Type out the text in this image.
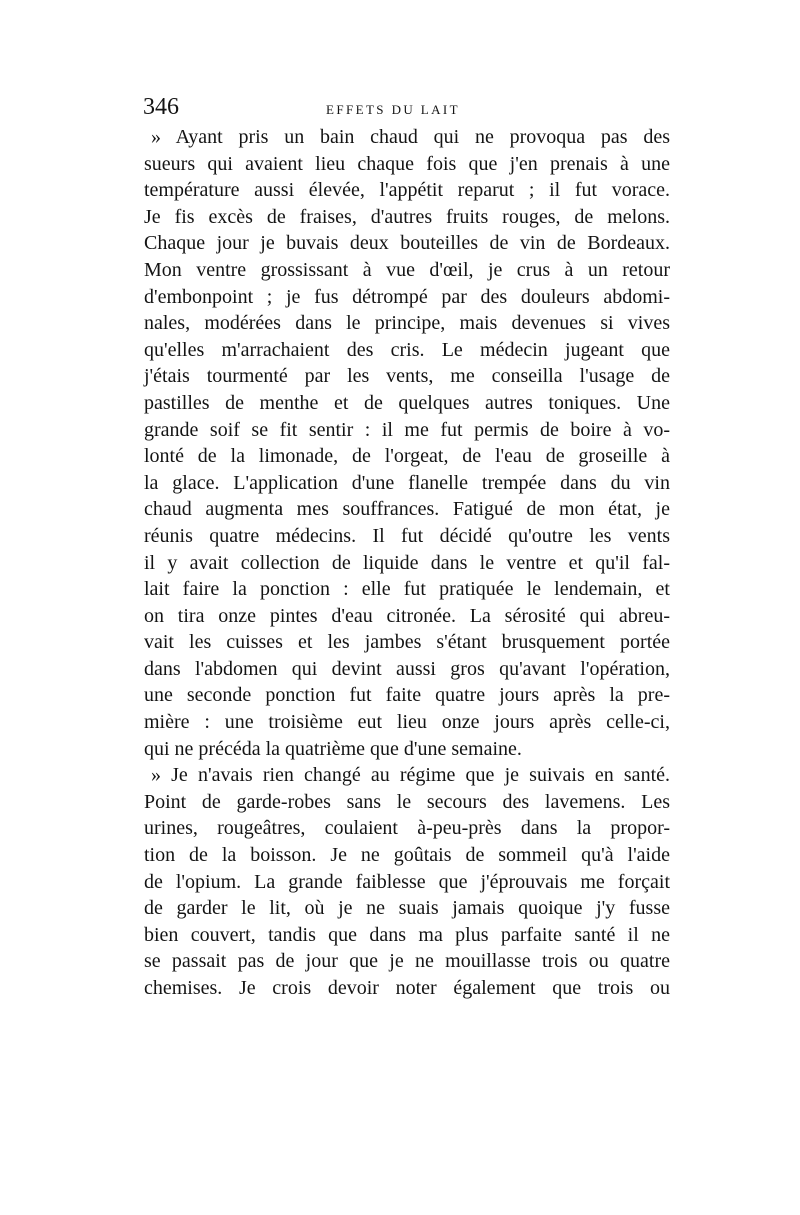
346	EFFETS DU LAIT
» Ayant pris un bain chaud qui ne provoqua pas des
sueurs qui avaient lieu chaque fois que j'en prenais à une
température aussi élevée, l'appétit reparut ; il fut vorace.
Je fis excès de fraises, d'autres fruits rouges, de melons.
Chaque jour je buvais deux bouteilles de vin de Bordeaux.
Mon ventre grossissant à vue d'œil, je crus à un retour
d'embonpoint ; je fus détrompé par des douleurs abdomi-
nales, modérées dans le principe, mais devenues si vives
qu'elles m'arrachaient des cris. Le médecin jugeant que
j'étais tourmenté par les vents, me conseilla l'usage de
pastilles de menthe et de quelques autres toniques. Une
grande soif se fit sentir : il me fut permis de boire à vo-
lonté de la limonade, de l'orgeat, de l'eau de groseille à
la glace. L'application d'une flanelle trempée dans du vin
chaud augmenta mes souffrances. Fatigué de mon état, je
réunis quatre médecins. Il fut décidé qu'outre les vents
il y avait collection de liquide dans le ventre et qu'il fal-
lait faire la ponction : elle fut pratiquée le lendemain, et
on tira onze pintes d'eau citronée. La sérosité qui abreu-
vait les cuisses et les jambes s'étant brusquement portée
dans l'abdomen qui devint aussi gros qu'avant l'opération,
une seconde ponction fut faite quatre jours après la pre-
mière : une troisième eut lieu onze jours après celle-ci,
qui ne précéda la quatrième que d'une semaine.
» Je n'avais rien changé au régime que je suivais en santé.
Point de garde-robes sans le secours des lavemens. Les
urines, rougeâtres, coulaient à-peu-près dans la propor-
tion de la boisson. Je ne goûtais de sommeil qu'à l'aide
de l'opium. La grande faiblesse que j'éprouvais me forçait
de garder le lit, où je ne suais jamais quoique j'y fusse
bien couvert, tandis que dans ma plus parfaite santé il ne
se passait pas de jour que je ne mouillasse trois ou quatre
chemises. Je crois devoir noter également que trois ou
